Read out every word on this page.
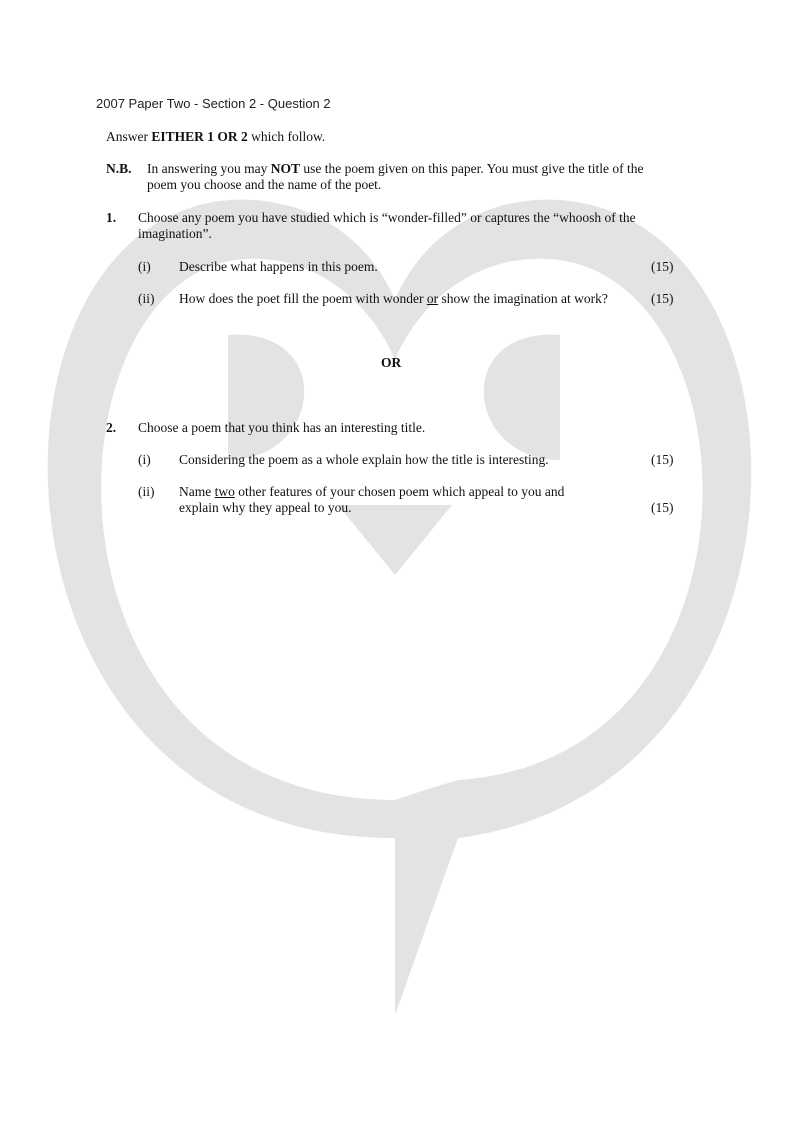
2007 Paper Two - Section 2 - Question 2
Answer EITHER 1 OR 2 which follow.
N.B. In answering you may NOT use the poem given on this paper. You must give the title of the
poem you choose and the name of the poet.
1. Choose any poem you have studied which is “wonder-filled” or captures the “whoosh of the
imagination”.
(i) Describe what happens in this poem.	(15)
(ii) How does the poet fill the poem with wonder or show the imagination at work?	(15)
OR
2. Choose a poem that you think has an interesting title.
(i) Considering the poem as a whole explain how the title is interesting.	(15)
(ii) Name two other features of your chosen poem which appeal to you and
explain why they appeal to you.	(15)
